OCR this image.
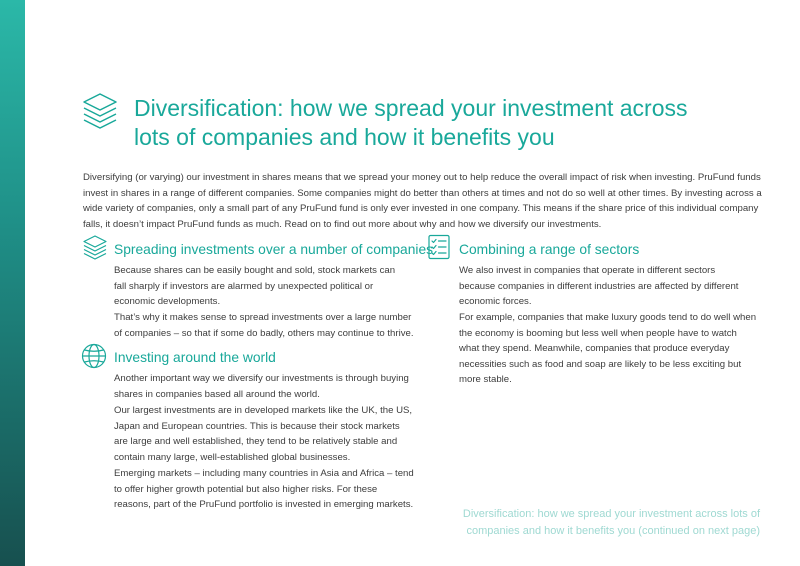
Diversification: how we spread your investment across lots of companies and how it benefits you

Diversifying (or varying) our investment in shares means that we spread your money out to help reduce the overall impact of risk when investing. PruFund funds invest in shares in a range of different companies. Some companies might do better than others at times and not do so well at other times. By investing across a wide variety of companies, only a small part of any PruFund fund is only ever invested in one company. This means if the share price of this individual company falls, it doesn’t impact PruFund funds as much. Read on to find out more about why and how we diversify our investments.

Spreading investments over a number of companies

Because shares can be easily bought and sold, stock markets can fall sharply if investors are alarmed by unexpected political or economic developments.

That’s why it makes sense to spread investments over a large number of companies – so that if some do badly, others may continue to thrive.

Investing around the world

Another important way we diversify our investments is through buying shares in companies based all around the world.

Our largest investments are in developed markets like the UK, the US, Japan and European countries. This is because their stock markets are large and well established, they tend to be relatively stable and contain many large, well-established global businesses.

Emerging markets – including many countries in Asia and Africa – tend to offer higher growth potential but also higher risks. For these reasons, part of the PruFund portfolio is invested in emerging markets.

Combining a range of sectors

We also invest in companies that operate in different sectors because companies in different industries are affected by different economic forces.

For example, companies that make luxury goods tend to do well when the economy is booming but less well when people have to watch what they spend. Meanwhile, companies that produce everyday necessities such as food and soap are likely to be less exciting but more stable.

Diversification: how we spread your investment across lots of companies and how it benefits you (continued on next page)
